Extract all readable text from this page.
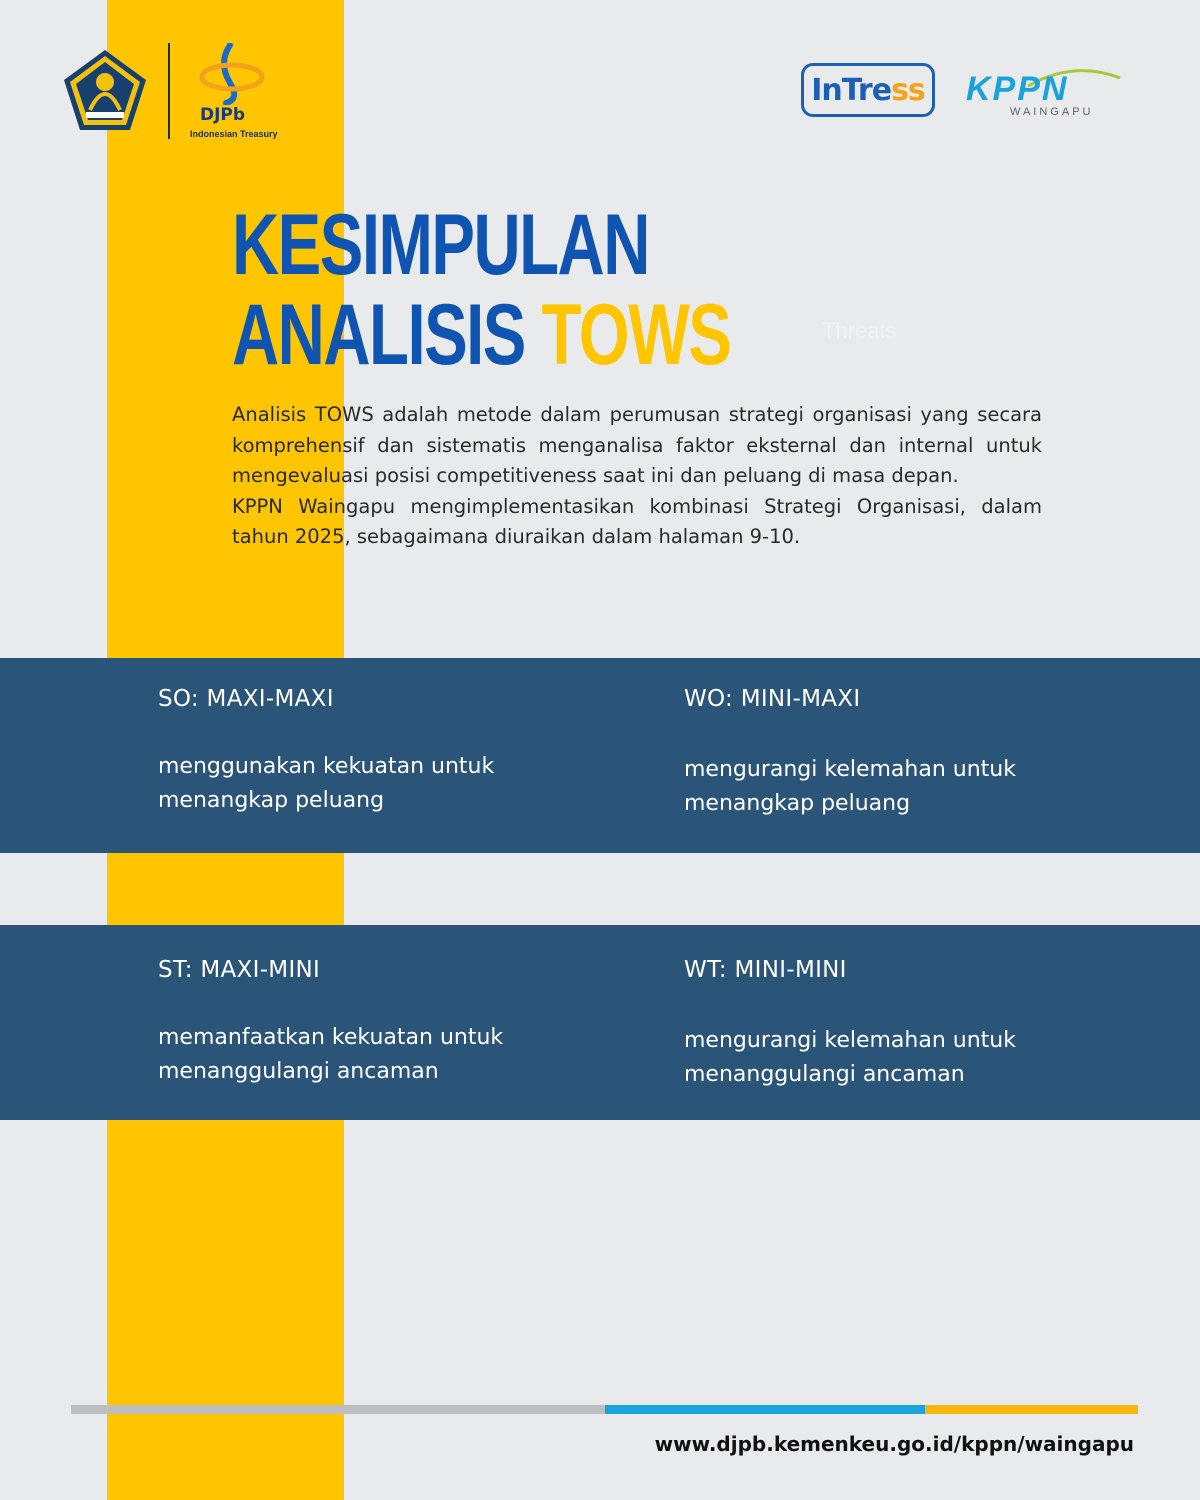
DJPb
Indonesian Treasury
InTre ss KPPN
WAINGAPU
KESIMPULAN
ANALISIS TOWS	Threats

Analisis TOWS adalah metode dalam perumusan strategi organisasi yang secara komprehensif dan sistematis menganalisa faktor eksternal dan internal untuk mengevaluasi posisi competitiveness saat ini dan peluang di masa depan.

KPPN Waingapu mengimplementasikan kombinasi Strategi Organisasi, dalam tahun 2025, sebagaimana diuraikan dalam halaman 9-10.

SO: MAXI-MAXI
menggunakan kekuatan untuk menangkap peluang
WO: MINI-MAXI
mengurangi kelemahan untuk menangkap peluang
ST: MAXI-MINI
memanfaatkan kekuatan untuk menanggulangi ancaman
WT: MINI-MINI
mengurangi kelemahan untuk menanggulangi ancaman
www.djpb.kemenkeu.go.id/kppn/waingapu
